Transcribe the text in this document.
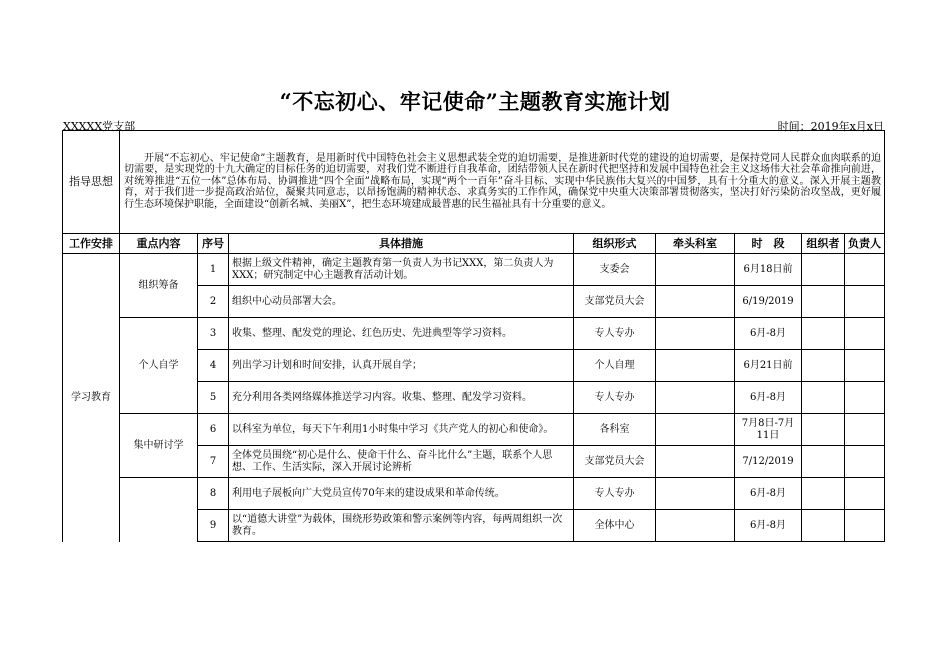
“不忘初心、牢记使命”主题教育实施计划
XXXXX党支部	时间：2019年x月x日
指导思想	开展“不忘初心、牢记使命”主题教育，是用新时代中国特色社会主义思想武装全党的迫切需要，是推进新时代党的建设的迫切需要，是保持党同人民群众血肉联系的迫切需要，是实现党的十九大确定的目标任务的迫切需要，对我们党不断进行自我革命，团结带领人民在新时代把坚持和发展中国特色社会主义这场伟大社会革命推向前进，对统筹推进“五位一体”总体布局、协调推进“四个全面”战略布局，实现“两个一百年”奋斗目标、实现中华民族伟大复兴的中国梦，具有十分重大的意义。深入开展主题教育，对于我们进一步提高政治站位，凝聚共同意志，以昂扬饱满的精神状态、求真务实的工作作风，确保党中央重大决策部署贯彻落实，坚决打好污染防治攻坚战，更好履行生态环境保护职能，全面建设“创新名城、美丽X”，把生态环境建成最普惠的民生福祉具有十分重要的意义。							
工作安排	重点内容	序号	具体措施	组织形式	牵头科室	时　段	组织者	负责人
学习教育	组织筹备	1	根据上级文件精神，确定主题教育第一负责人为书记XXX，第二负责人为XXX；研究制定中心主题教育活动计划。	支委会		6月18日前		
		2	组织中心动员部署大会。	支部党员大会		6/19/2019		
	个人自学	3	收集、整理、配发党的理论、红色历史、先进典型等学习资料。	专人专办		6月-8月		
		4	列出学习计划和时间安排，认真开展自学；	个人自理		6月21日前		
		5	充分利用各类网络媒体推送学习内容。收集、整理、配发学习资料。	专人专办		6月-8月		
	集中研讨学	6	以科室为单位，每天下午利用1小时集中学习《共产党人的初心和使命》。	各科室		7月8日-7月11日		
		7	全体党员围绕“初心是什么、使命干什么、奋斗比什么”主题，联系个人思想、工作、生活实际，深入开展讨论辨析	支部党员大会		7/12/2019		
		8	利用电子展板向广大党员宣传70年来的建设成果和革命传统。	专人专办		6月-8月		
		9	以“道德大讲堂”为载体，围绕形势政策和警示案例等内容，每两周组织一次教育。	全体中心		6月-8月		
